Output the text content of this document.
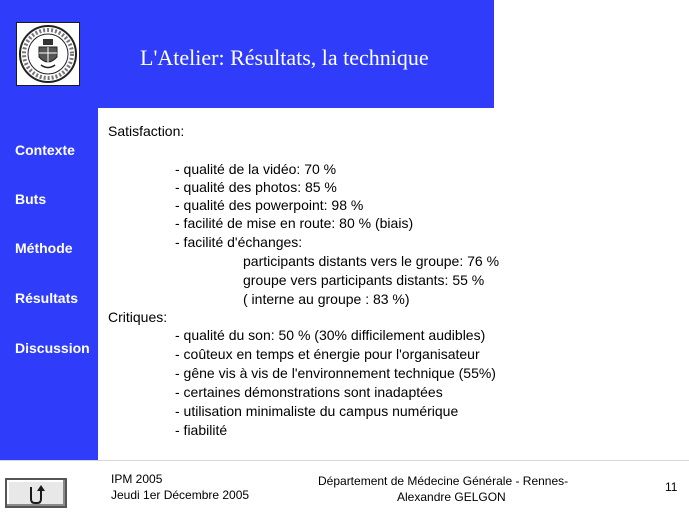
L'Atelier: Résultats, la technique
Contexte
Buts
Méthode
Résultats
Discussion
Satisfaction:
- qualité de la vidéo: 70 %
- qualité des photos: 85 %
- qualité des powerpoint: 98 %
- facilité de mise en route: 80 % (biais)
- facilité d'échanges:
participants distants vers le groupe: 76 %
groupe vers participants distants: 55 %
( interne au groupe : 83 %)
Critiques:
- qualité du son: 50 % (30% difficilement audibles)
- coûteux en temps et énergie pour l'organisateur
- gêne vis à vis de l'environnement technique (55%)
- certaines démonstrations sont inadaptées
- utilisation minimaliste du campus numérique
- fiabilité
IPM 2005
Jeudi 1er Décembre 2005
Département de Médecine Générale - Rennes-
Alexandre GELGON
11
